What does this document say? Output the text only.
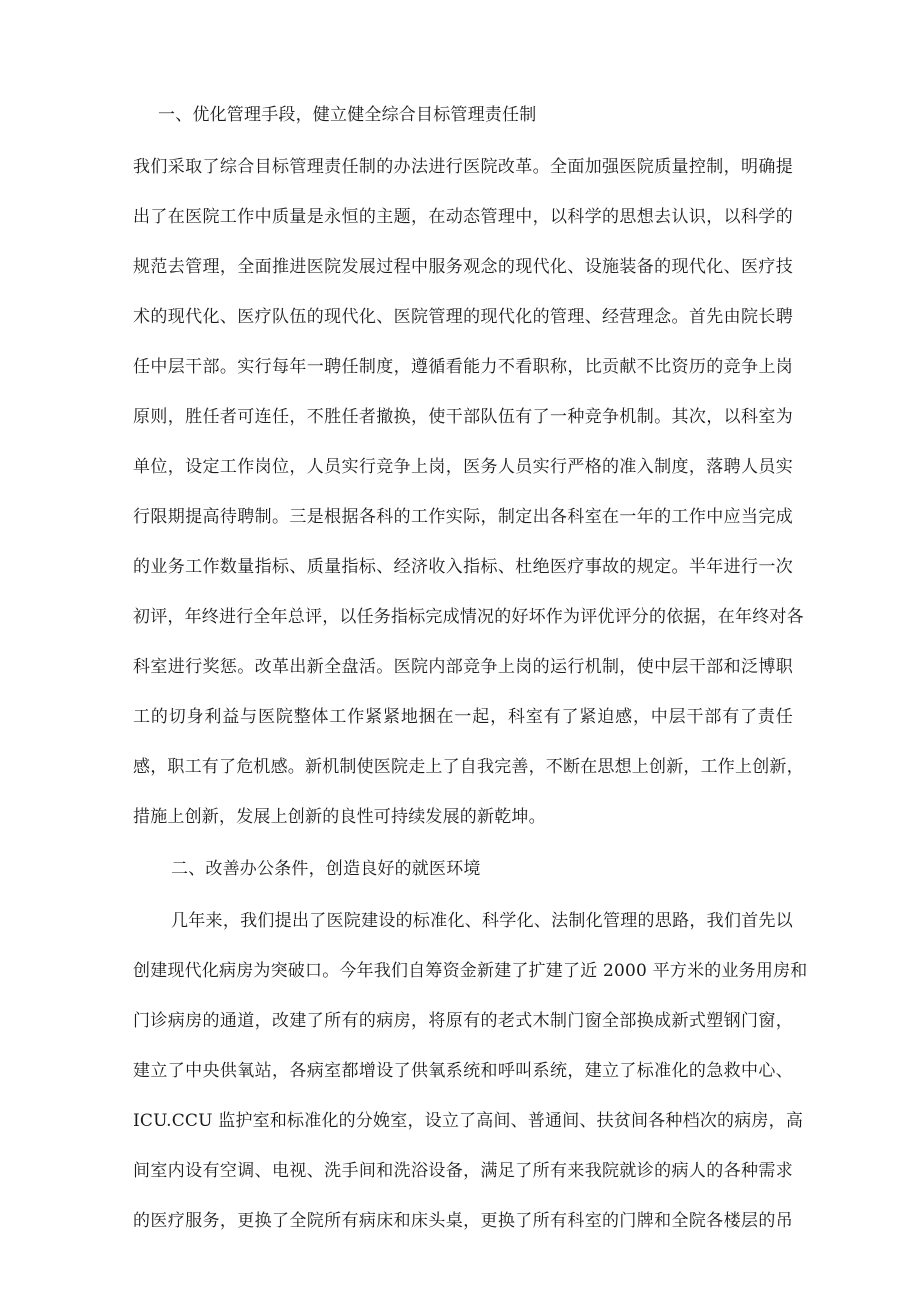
一、优化管理手段，健立健全综合目标管理责任制
我们采取了综合目标管理责任制的办法进行医院改革。全面加强医院质量控制，明确提
出了在医院工作中质量是永恒的主题，在动态管理中，以科学的思想去认识，以科学的
规范去管理，全面推进医院发展过程中服务观念的现代化、设施装备的现代化、医疗技
术的现代化、医疗队伍的现代化、医院管理的现代化的管理、经营理念。首先由院长聘
任中层干部。实行每年一聘任制度，遵循看能力不看职称，比贡献不比资历的竞争上岗
原则，胜任者可连任，不胜任者撤换，使干部队伍有了一种竞争机制。其次，以科室为
单位，设定工作岗位，人员实行竞争上岗，医务人员实行严格的准入制度，落聘人员实
行限期提高待聘制。三是根据各科的工作实际，制定出各科室在一年的工作中应当完成
的业务工作数量指标、质量指标、经济收入指标、杜绝医疗事故的规定。半年进行一次
初评，年终进行全年总评，以任务指标完成情况的好坏作为评优评分的依据，在年终对各
科室进行奖惩。改革出新全盘活。医院内部竞争上岗的运行机制，使中层干部和泛博职
工的切身利益与医院整体工作紧紧地捆在一起，科室有了紧迫感，中层干部有了责任
感，职工有了危机感。新机制使医院走上了自我完善，不断在思想上创新，工作上创新，
措施上创新，发展上创新的良性可持续发展的新乾坤。
二、改善办公条件，创造良好的就医环境
几年来，我们提出了医院建设的标准化、科学化、法制化管理的思路，我们首先以
创建现代化病房为突破口。今年我们自筹资金新建了扩建了近 2000 平方米的业务用房和
门诊病房的通道，改建了所有的病房，将原有的老式木制门窗全部换成新式塑钢门窗，
建立了中央供氧站，各病室都增设了供氧系统和呼叫系统，建立了标准化的急救中心、
ICU.CCU 监护室和标准化的分娩室，设立了高间、普通间、扶贫间各种档次的病房，高
间室内设有空调、电视、洗手间和洗浴设备，满足了所有来我院就诊的病人的各种需求
的医疗服务，更换了全院所有病床和床头桌，更换了所有科室的门牌和全院各楼层的吊
